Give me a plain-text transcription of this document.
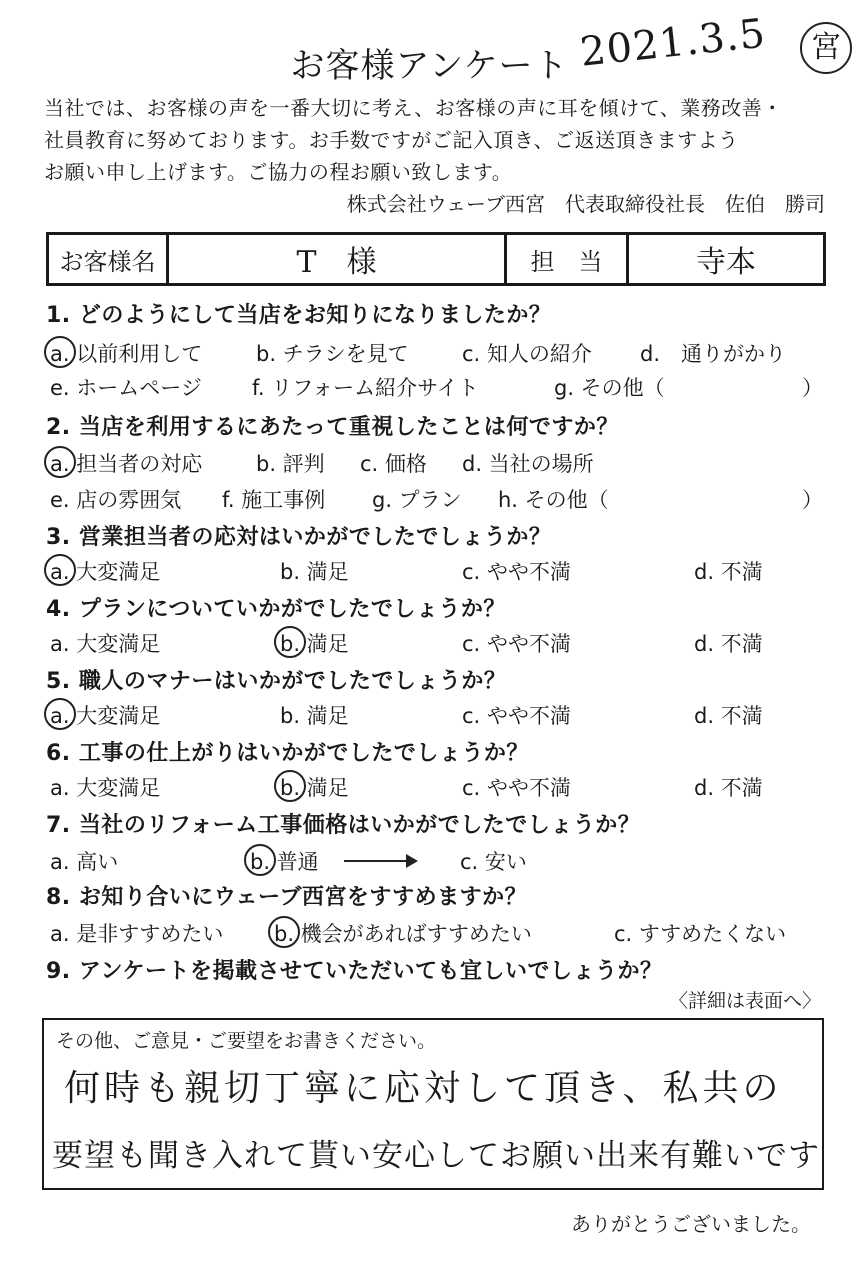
お客様アンケート 2021.3.5	宮
当社では、お客様の声を一番大切に考え、お客様の声に耳を傾けて、業務改善・
社員教育に努めております。お手数ですがご記入頂き、ご返送頂きますよう
お願い申し上げます。ご協力の程お願い致します。
株式会社ウェーブ西宮　代表取締役社長　佐伯　勝司
お客様名	T　様	担　当	寺本
1. どのようにして当店をお知りになりましたか？
a. 以前利用して	b. チラシを見て	c. 知人の紹介 d.　通りがかり
e. ホームページ f. リフォーム紹介サイト	g. その他（	）
2. 当店を利用するにあたって重視したことは何ですか？
a. 担当者の対応	b. 評判 c. 価格 d. 当社の場所
e. 店の雰囲気 f. 施工事例 g. プラン h. その他（	）
3. 営業担当者の応対はいかがでしたでしょうか？
a. 大変満足	b. 満足	c. やや不満	d. 不満
4. プランについていかがでしたでしょうか？
a. 大変満足	b. 満足	c. やや不満	d. 不満
5. 職人のマナーはいかがでしたでしょうか？
a. 大変満足	b. 満足	c. やや不満	d. 不満
6. 工事の仕上がりはいかがでしたでしょうか？
a. 大変満足	b. 満足	c. やや不満	d. 不満
7. 当社のリフォーム工事価格はいかがでしたでしょうか？
a. 高い	b. 普通	c. 安い
8. お知り合いにウェーブ西宮をすすめますか？
a. 是非すすめたい b. 機会があればすすめたい	c. すすめたくない
9. アンケートを掲載させていただいても宜しいでしょうか？
〈詳細は表面へ〉
その他、ご意見・ご要望をお書きください。
何時も親切丁寧に応対して頂き、私共の
要望も聞き入れて貰い安心してお願い出来有難いです
ありがとうございました。
